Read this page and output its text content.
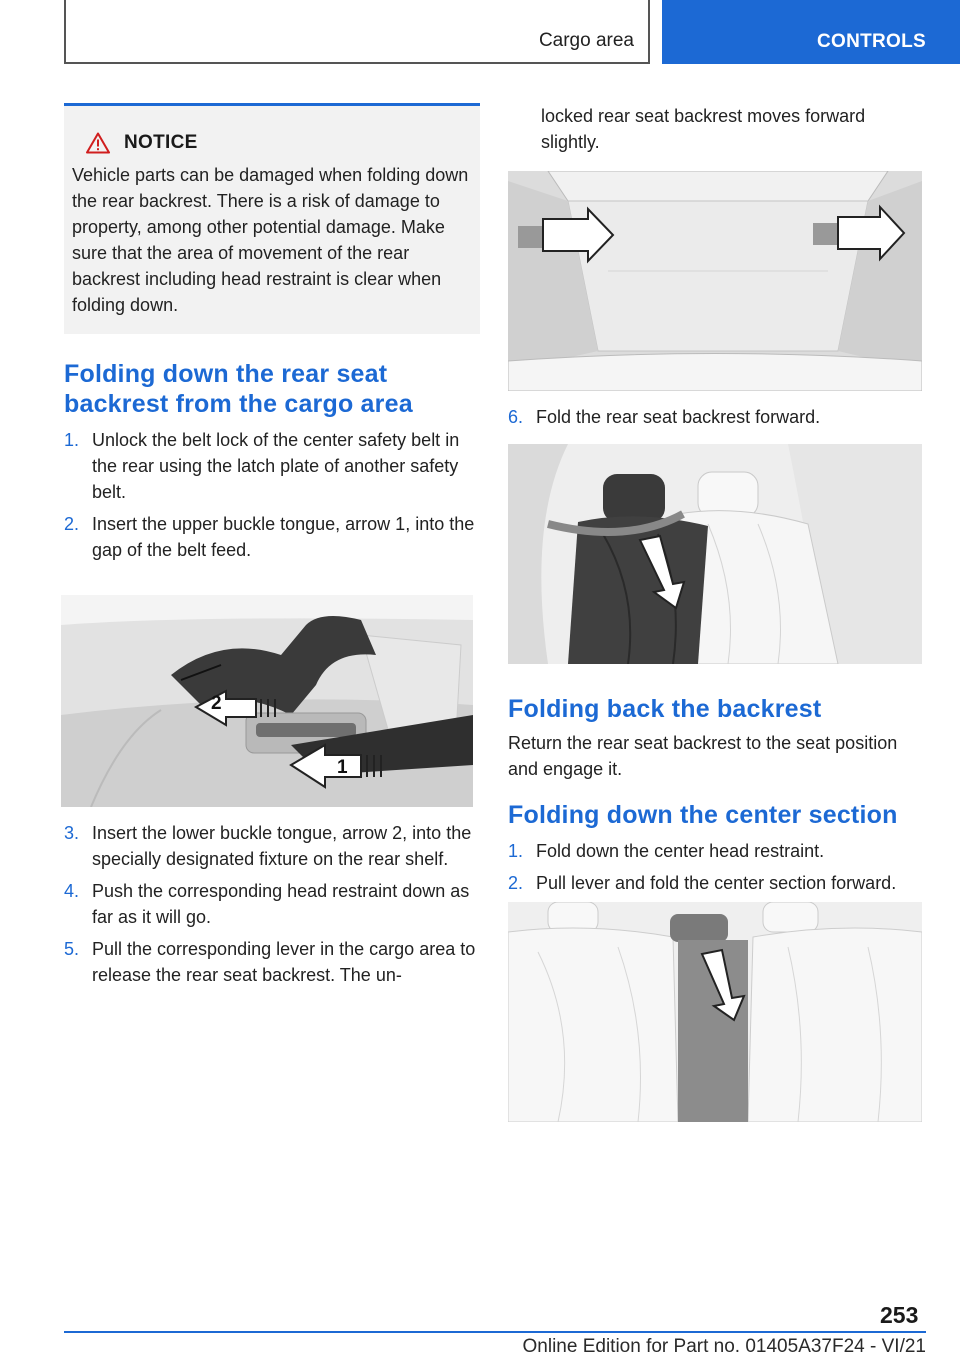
Cargo area	CONTROLS
NOTICE

Vehicle parts can be damaged when folding down the rear backrest. There is a risk of damage to property, among other potential damage. Make sure that the area of movement of the rear backrest including head restraint is clear when folding down.

Folding down the rear seat backrest from the cargo area
1. Unlock the belt lock of the center safety belt in the rear using the latch plate of another safety belt.
2. Insert the upper buckle tongue, arrow 1, into the gap of the belt feed.
2
1
3. Insert the lower buckle tongue, arrow 2, into the specially designated fixture on the rear shelf.
4. Push the corresponding head restraint down as far as it will go.
5. Pull the corresponding lever in the cargo area to release the rear seat backrest. The un-

locked rear seat backrest moves forward slightly.

6. Fold the rear seat backrest forward.
Folding back the backrest

Return the rear seat backrest to the seat position and engage it.

Folding down the center section
1. Fold down the center head restraint.
2. Pull lever and fold the center section forward.
253
Online Edition for Part no. 01405A37F24 - VI/21
